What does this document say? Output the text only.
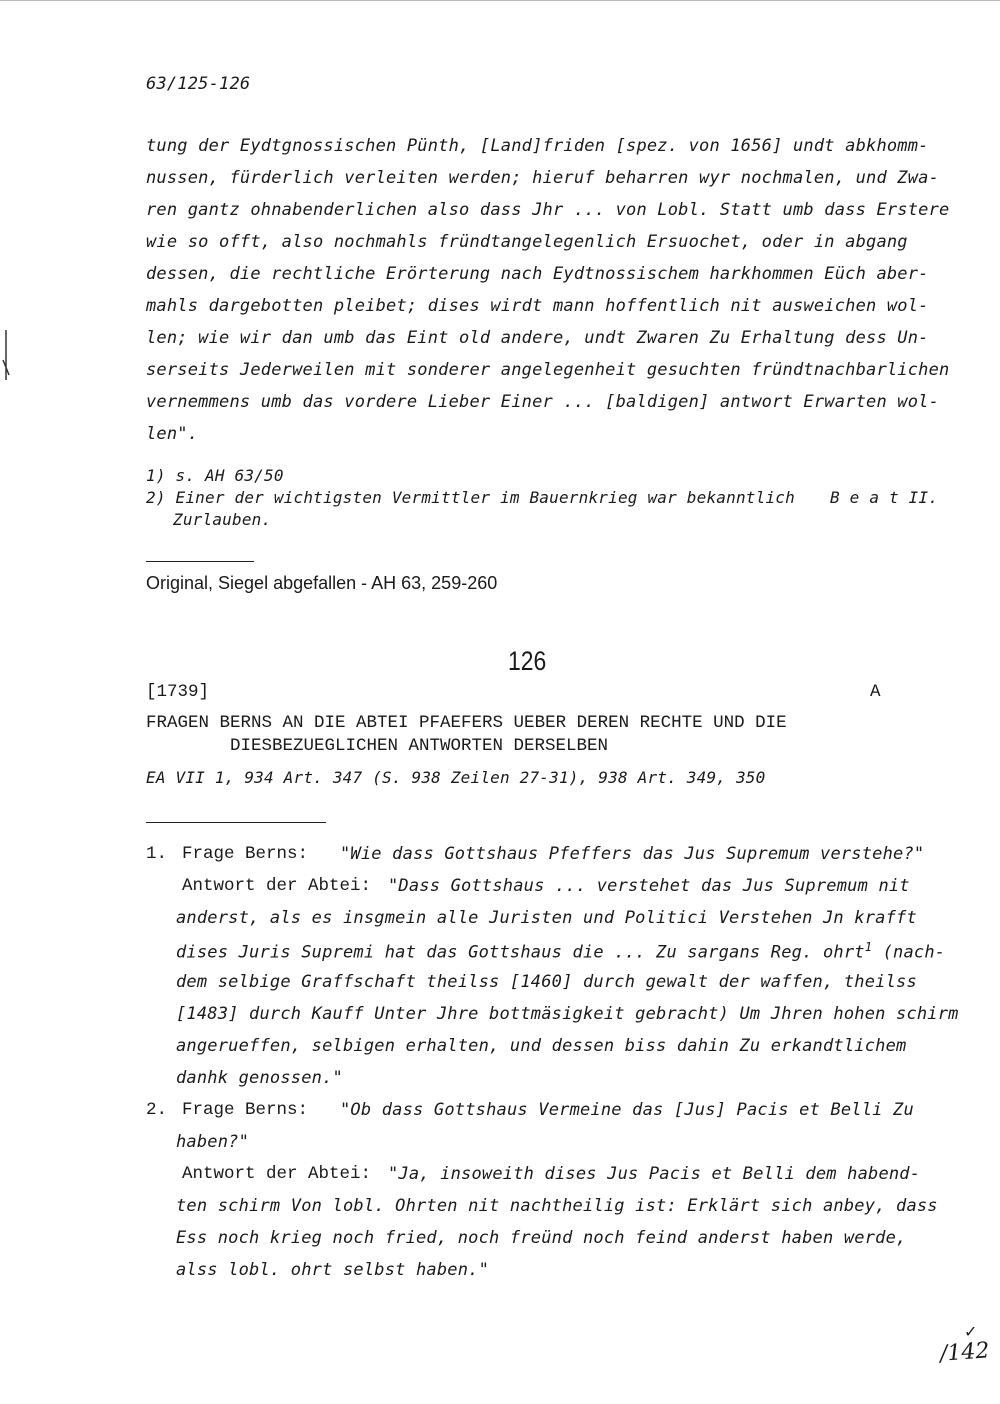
63/125-126
tung der Eydtgnossischen Pünth, [Land]friden [spez. von 1656] undt abkhomm-
nussen, fürderlich verleiten werden; hieruf beharren wyr nochmalen, und Zwa-
ren gantz ohnabenderlichen also dass Jhr ... von Lobl. Statt umb dass Erstere
wie so offt, also nochmahls fründtangelegenlich Ersuochet, oder in abgang
dessen, die rechtliche Erörterung nach Eydtnossischem harkhommen Eüch aber-
mahls dargebotten pleibet; dises wirdt mann hoffentlich nit ausweichen wol-
len; wie wir dan umb das Eint old andere, undt Zwaren Zu Erhaltung dess Un-
serseits Jederweilen mit sonderer angelegenheit gesuchten fründtnachbarlichen
vernemmens umb das vordere Lieber Einer ... [baldigen] antwort Erwarten wol-
len".
1) s. AH 63/50
2) Einer der wichtigsten Vermittler im Bauernkrieg war bekanntlich B e a t II.
Zurlauben.
Original, Siegel abgefallen - AH 63, 259-260
126
[1739]	A
FRAGEN BERNS AN DIE ABTEI PFAEFERS UEBER DEREN RECHTE UND DIE
DIESBEZUEGLICHEN ANTWORTEN DERSELBEN
EA VII 1, 934 Art. 347 (S. 938 Zeilen 27-31), 938 Art. 349, 350
1. Frage Berns: "Wie dass Gottshaus Pfeffers das Jus Supremum verstehe?"
Antwort der Abtei: "Dass Gottshaus ... verstehet das Jus Supremum nit
anderst, als es insgmein alle Juristen und Politici Verstehen Jn krafft
dises Juris Supremi hat das Gottshaus die ... Zu sargans Reg. ohrt$^1$ (nach-
dem selbige Graffschaft theilss [1460] durch gewalt der waffen, theilss
[1483] durch Kauff Unter Jhre bottmäsigkeit gebracht) Um Jhren hohen schirm
angerueffen, selbigen erhalten, und dessen biss dahin Zu erkandtlichem
danhk genossen."
2. Frage Berns: "Ob dass Gottshaus Vermeine das [Jus] Pacis et Belli Zu
haben?"
Antwort der Abtei: "Ja, insoweith dises Jus Pacis et Belli dem habend-
ten schirm Von lobl. Ohrten nit nachtheilig ist: Erklärt sich anbey, dass
Ess noch krieg noch fried, noch freünd noch feind anderst haben werde,
alss lobl. ohrt selbst haben."
/142
✓
